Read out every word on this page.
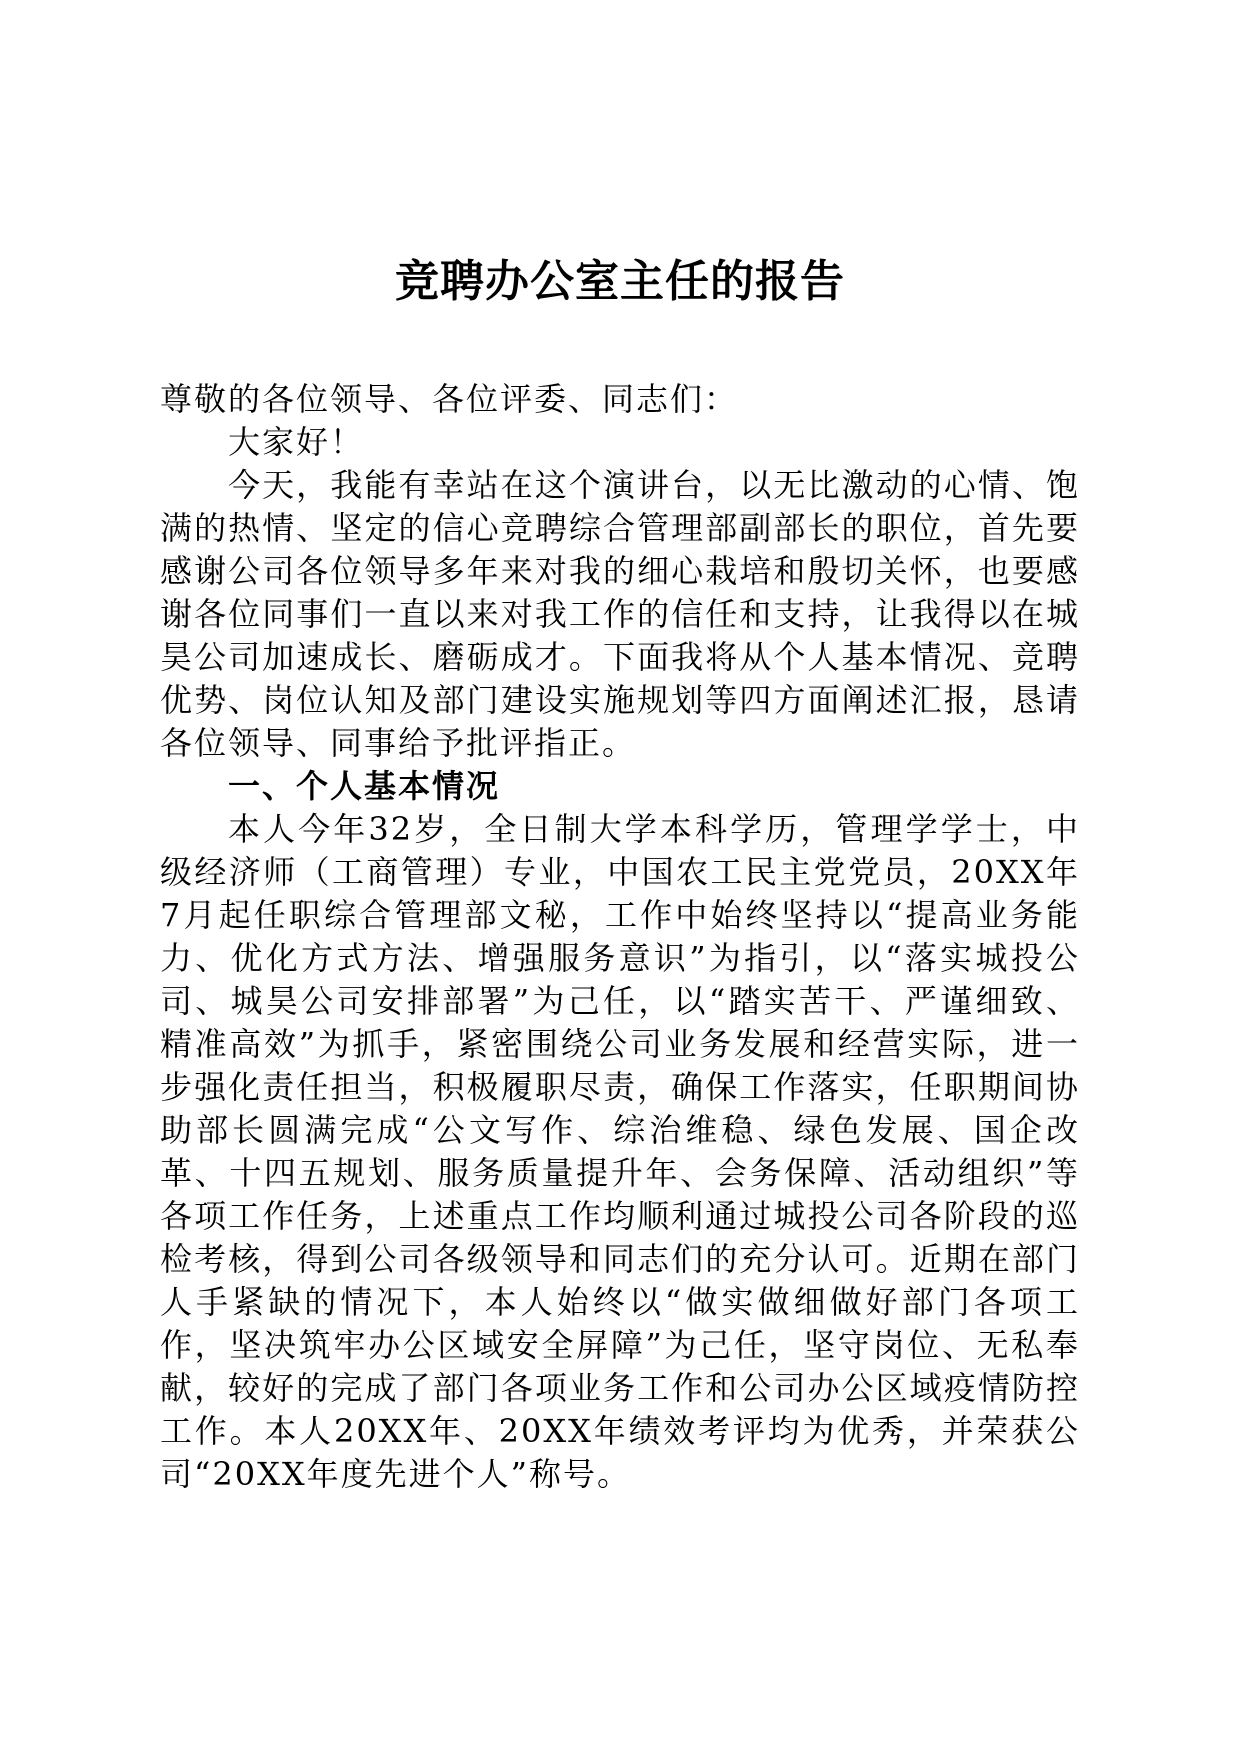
竞聘办公室主任的报告

尊敬的各位领导、各位评委、同志们：

大家好！

今天，我能有幸站在这个演讲台，以无比激动的心情、饱满的热情、坚定的信心竞聘综合管理部副部长的职位，首先要感谢公司各位领导多年来对我的细心栽培和殷切关怀，也要感谢各位同事们一直以来对我工作的信任和支持，让我得以在城昊公司加速成长、磨砺成才。下面我将从个人基本情况、竞聘优势、岗位认知及部门建设实施规划等四方面阐述汇报，恳请各位领导、同事给予批评指正。

一、个人基本情况

本人今年32岁，全日制大学本科学历，管理学学士，中级经济师（工商管理）专业，中国农工民主党党员，20XX年7月起任职综合管理部文秘，工作中始终坚持以“提高业务能力、优化方式方法、增强服务意识”为指引，以“落实城投公司、城昊公司安排部署”为己任，以“踏实苦干、严谨细致、精准高效”为抓手，紧密围绕公司业务发展和经营实际，进一步强化责任担当，积极履职尽责，确保工作落实，任职期间协助部长圆满完成“公文写作、综治维稳、绿色发展、国企改革、十四五规划、服务质量提升年、会务保障、活动组织”等各项工作任务，上述重点工作均顺利通过城投公司各阶段的巡检考核，得到公司各级领导和同志们的充分认可。近期在部门人手紧缺的情况下，本人始终以“做实做细做好部门各项工作，坚决筑牢办公区域安全屏障”为己任，坚守岗位、无私奉献，较好的完成了部门各项业务工作和公司办公区域疫情防控工作。本人20XX年、20XX年绩效考评均为优秀，并荣获公司“20XX年度先进个人”称号。
